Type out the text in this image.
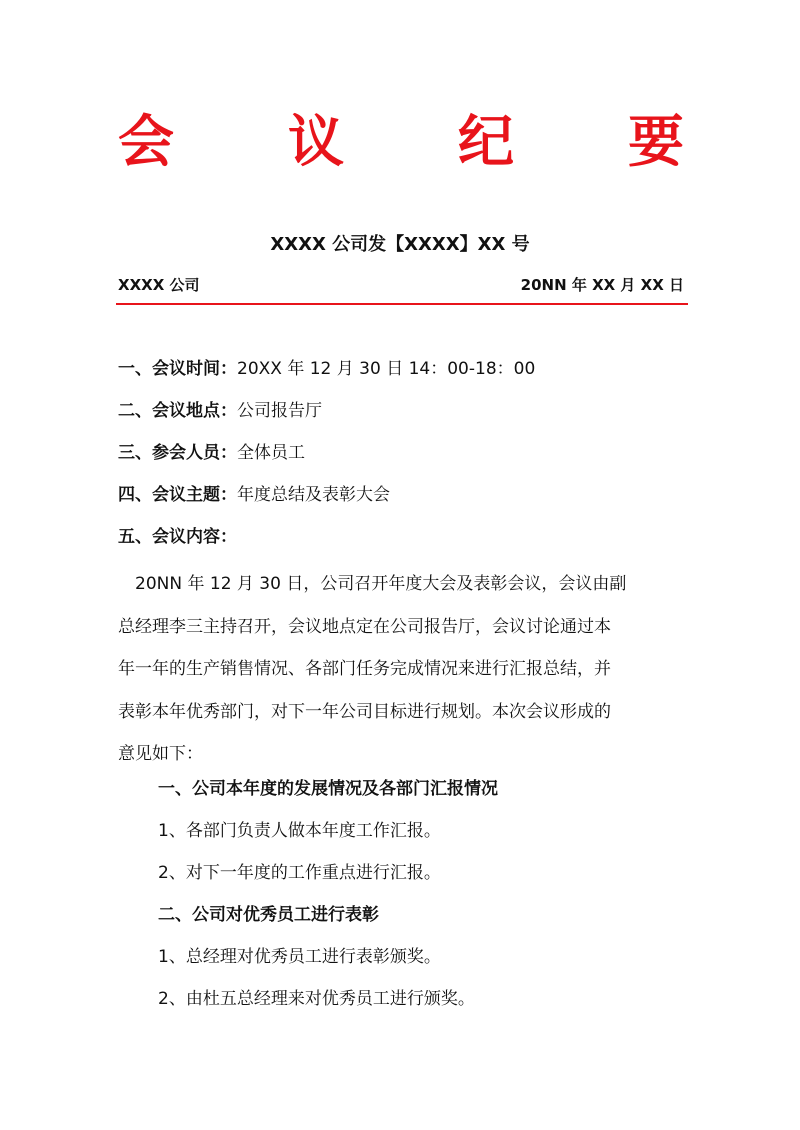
会 议 纪 要
XXXX 公司发【XXXX】XX 号
XXXX 公司	20NN 年 XX 月 XX 日
一、会议时间：20XX 年 12 月 30 日 14：00-18：00
二、会议地点：公司报告厅
三、参会人员：全体员工
四、会议主题：年度总结及表彰大会
五、会议内容：
　20NN 年 12 月 30 日，公司召开年度大会及表彰会议，会议由副
总经理李三主持召开，会议地点定在公司报告厅，会议讨论通过本
年一年的生产销售情况、各部门任务完成情况来进行汇报总结，并
表彰本年优秀部门，对下一年公司目标进行规划。本次会议形成的
意见如下：
一、公司本年度的发展情况及各部门汇报情况
1、各部门负责人做本年度工作汇报。
2、对下一年度的工作重点进行汇报。
二、公司对优秀员工进行表彰
1、总经理对优秀员工进行表彰颁奖。
2、由杜五总经理来对优秀员工进行颁奖。
